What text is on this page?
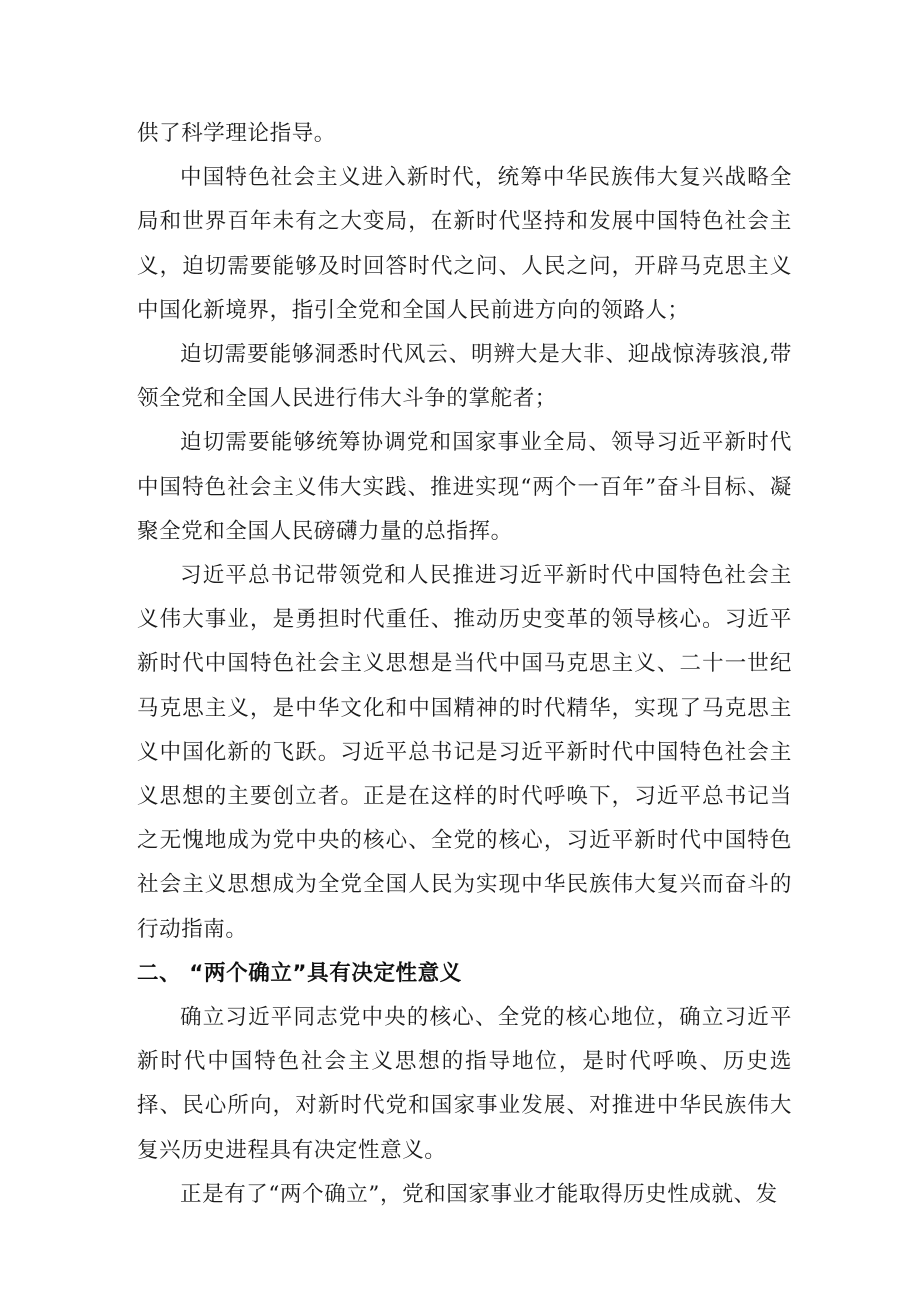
供了科学理论指导。

中国特色社会主义进入新时代，统筹中华民族伟大复兴战略全局和世界百年未有之大变局，在新时代坚持和发展中国特色社会主义，迫切需要能够及时回答时代之问、人民之问，开辟马克思主义中国化新境界，指引全党和全国人民前进方向的领路人；

迫切需要能够洞悉时代风云、明辨大是大非、迎战惊涛骇浪,带领全党和全国人民进行伟大斗争的掌舵者；

迫切需要能够统筹协调党和国家事业全局、领导习近平新时代中国特色社会主义伟大实践、推进实现“两个一百年”奋斗目标、凝聚全党和全国人民磅礴力量的总指挥。

习近平总书记带领党和人民推进习近平新时代中国特色社会主义伟大事业，是勇担时代重任、推动历史变革的领导核心。习近平新时代中国特色社会主义思想是当代中国马克思主义、二十一世纪马克思主义，是中华文化和中国精神的时代精华，实现了马克思主义中国化新的飞跃。习近平总书记是习近平新时代中国特色社会主义思想的主要创立者。正是在这样的时代呼唤下，习近平总书记当之无愧地成为党中央的核心、全党的核心，习近平新时代中国特色社会主义思想成为全党全国人民为实现中华民族伟大复兴而奋斗的行动指南。

二、 “两个确立”具有决定性意义

确立习近平同志党中央的核心、全党的核心地位，确立习近平新时代中国特色社会主义思想的指导地位，是时代呼唤、历史选择、民心所向，对新时代党和国家事业发展、对推进中华民族伟大复兴历史进程具有决定性意义。

正是有了“两个确立”，党和国家事业才能取得历史性成就、发
